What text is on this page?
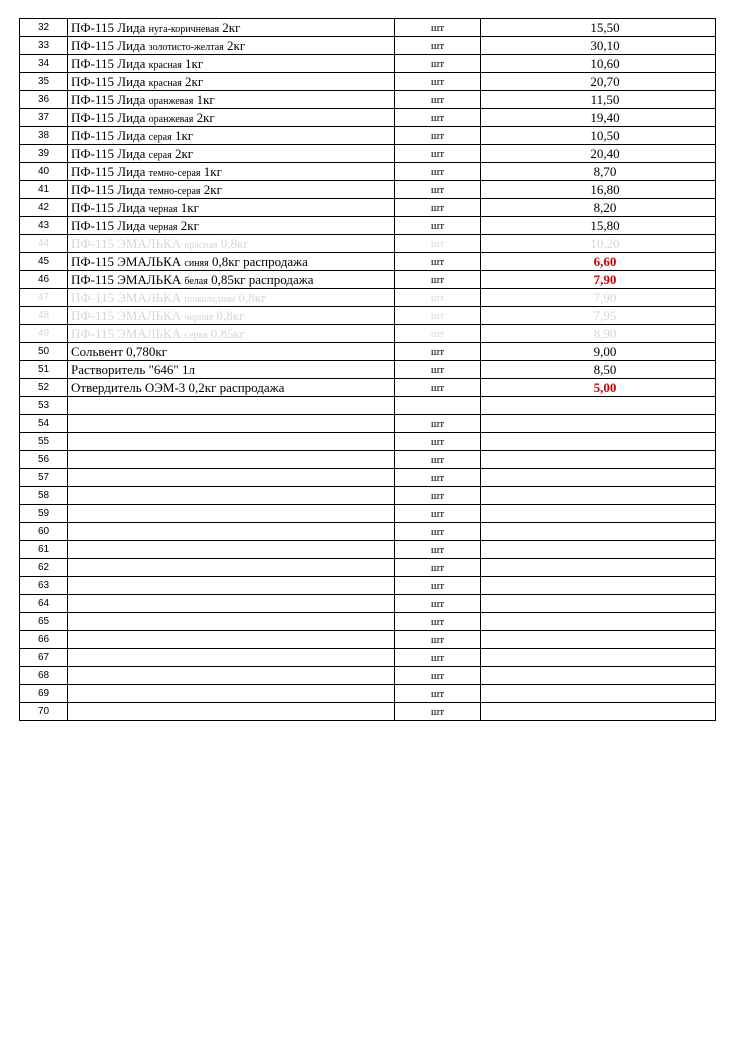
32	ПФ-115 Лида нуга-коричневая 2кг	шт	15,50
33	ПФ-115 Лида золотисто-желтая 2кг	шт	30,10
34	ПФ-115 Лида красная 1кг	шт	10,60
35	ПФ-115 Лида красная 2кг	шт	20,70
36	ПФ-115 Лида оранжевая 1кг	шт	11,50
37	ПФ-115 Лида оранжевая 2кг	шт	19,40
38	ПФ-115 Лида серая 1кг	шт	10,50
39	ПФ-115 Лида серая 2кг	шт	20,40
40	ПФ-115 Лида темно-серая 1кг	шт	8,70
41	ПФ-115 Лида темно-серая 2кг	шт	16,80
42	ПФ-115 Лида черная 1кг	шт	8,20
43	ПФ-115 Лида черная 2кг	шт	15,80
44	ПФ-115 ЭМАЛЬКА красная 0,8кг	шт	10,20
45	ПФ-115 ЭМАЛЬКА синяя 0,8кг распродажа	шт	6,60
46	ПФ-115 ЭМАЛЬКА белая 0,85кг распродажа	шт	7,90
47	ПФ-115 ЭМАЛЬКА шоколадная 0,8кг	шт	7,90
48	ПФ-115 ЭМАЛЬКА черная 0,8кг	шт	7,95
49	ПФ-115 ЭМАЛЬКА серая 0,85кг	шт	8,90
50	Сольвент 0,780кг	шт	9,00
51	Растворитель "646" 1л	шт	8,50
52	Отвердитель ОЭМ-3 0,2кг распродажа	шт	5,00
53			
54		шт	
55		шт	
56		шт	
57		шт	
58		шт	
59		шт	
60		шт	
61		шт	
62		шт	
63		шт	
64		шт	
65		шт	
66		шт	
67		шт	
68		шт	
69		шт	
70		шт	
